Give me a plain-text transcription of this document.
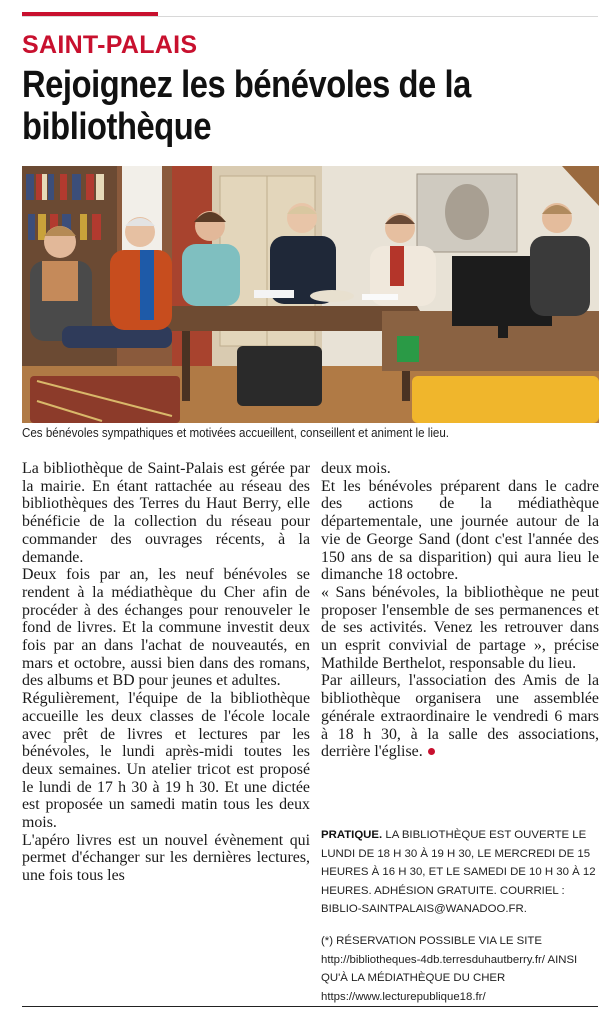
SAINT-PALAIS
Rejoignez les bénévoles de la bibliothèque
Ces bénévoles sympathiques et motivées accueillent, conseillent et animent le lieu.

La bibliothèque de Saint-Palais est gérée par la mairie. En étant rattachée au réseau des bibliothèques des Terres du Haut Berry, elle bénéficie de la collection du réseau pour commander des ouvrages récents, à la demande.

Deux fois par an, les neuf bénévoles se rendent à la médiathèque du Cher afin de procéder à des échanges pour renouveler le fond de livres. Et la commune investit deux fois par an dans l'achat de nouveautés, en mars et octobre, aussi bien dans des romans, des albums et BD pour jeunes et adultes.

Régulièrement, l'équipe de la bibliothèque accueille les deux classes de l'école locale avec prêt de livres et lectures par les bénévoles, le lundi après-midi toutes les deux semaines. Un atelier tricot est proposé le lundi de 17 h 30 à 19 h 30. Et une dictée est proposée un samedi matin tous les deux mois.

L'apéro livres est un nouvel évènement qui permet d'échanger sur les dernières lectures, une fois tous les

deux mois.

Et les bénévoles préparent dans le cadre des actions de la médiathèque départementale, une journée autour de la vie de George Sand (dont c'est l'année des 150 ans de sa disparition) qui aura lieu le dimanche 18 octobre.

« Sans bénévoles, la bibliothèque ne peut proposer l'ensemble de ses permanences et de ses activités. Venez les retrouver dans un esprit convivial de partage », précise Mathilde Berthelot, responsable du lieu.

Par ailleurs, l'association des Amis de la bibliothèque organisera une assemblée générale extraordinaire le vendredi 6 mars à 18 h 30, à la salle des associations, derrière l'église.

PRATIQUE. LA BIBLIOTHÈQUE EST OUVERTE LE LUNDI DE 18 H 30 À 19 H 30, LE MERCREDI DE 15 HEURES À 16 H 30, ET LE SAMEDI DE 10 H 30 À 12 HEURES. ADHÉSION GRATUITE. COURRIEL : BIBLIO-SAINTPALAIS@WANADOO.FR.
(*) RÉSERVATION POSSIBLE VIA LE SITE http://bibliotheques-4db.terresduhautberry.fr/ AINSI QU'À LA MÉDIATHÈQUE DU CHER https://www.lecturepublique18.fr/
